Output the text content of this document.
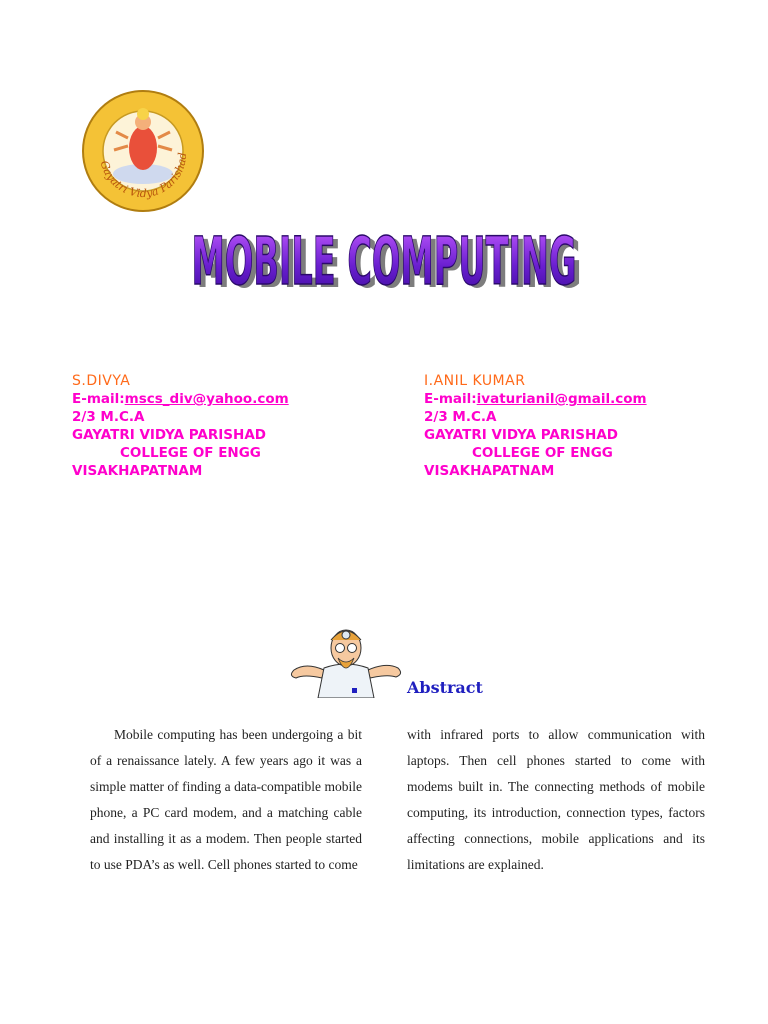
Gayatri Vidya Parishad
MOBILE COMPUTING
MOBILE COMPUTING
S.DIVYA
E-mail:mscs_div@yahoo.com
2/3 M.C.A
GAYATRI VIDYA PARISHAD
COLLEGE OF ENGG
VISAKHAPATNAM
I.ANIL KUMAR
E-mail:ivaturianil@gmail.com
2/3 M.C.A
GAYATRI VIDYA PARISHAD
COLLEGE OF ENGG
VISAKHAPATNAM
Abstract
Mobile computing has been undergoing a bit of a renaissance lately. A few years ago it was a simple matter of finding a data-compatible mobile phone, a PC card modem, and a matching cable and installing it as a modem. Then people started to use PDA’s as well. Cell phones started to come
with infrared ports to allow communication with laptops. Then cell phones started to come with modems built in. The connecting methods of mobile computing, its introduction, connection types, factors affecting connections, mobile applications and its limitations are explained.
